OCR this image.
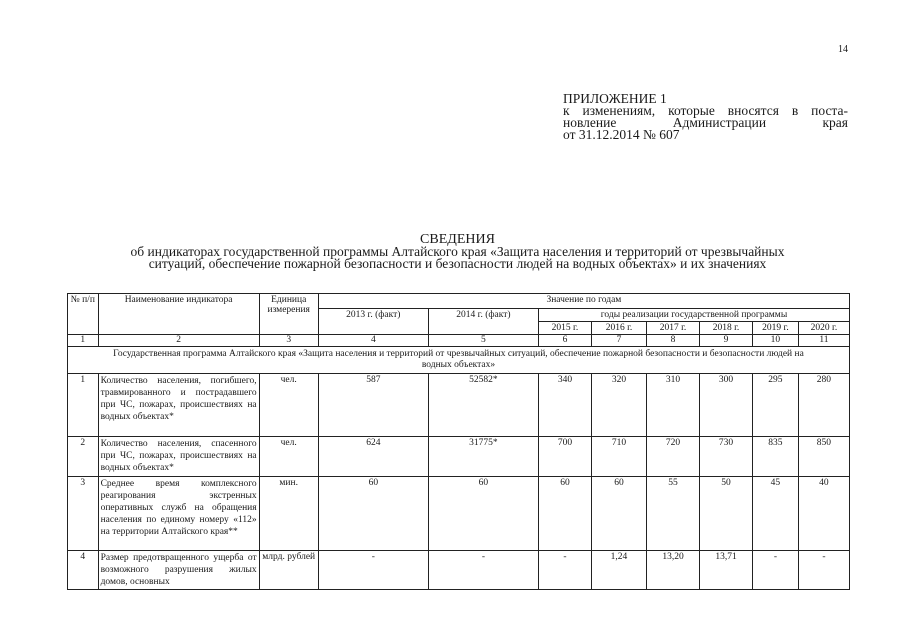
14
ПРИЛОЖЕНИЕ 1
к изменениям, которые вносятся в поста-
новление Администрации края
от 31.12.2014 № 607
СВЕДЕНИЯ
об индикаторах государственной программы Алтайского края «Защита населения и территорий от чрезвычайных
ситуаций, обеспечение пожарной безопасности и безопасности людей на водных объектах» и их значениях
№ п/п	Наименование индикатора	Единица измерения	Значение по годам							
			2013 г. (факт)	2014 г. (факт)	годы реализации государственной программы					
					2015 г.	2016 г.	2017 г.	2018 г.	2019 г.	2020 г.
1	2	3	4	5	6	7	8	9	10	11
Государственная программа Алтайского края «Защита населения и территорий от чрезвычайных ситуаций, обеспечение пожарной безопасности и безопасности людей на водных объектах»										
1	Количество населения, погибшего, травмированного и пострадавшего при ЧС, пожарах, происшествиях на водных объектах*	чел.	587	52582*	340	320	310	300	295	280
2	Количество населения, спасенного при ЧС, пожарах, происшествиях на водных объектах*	чел.	624	31775*	700	710	720	730	835	850
3	Среднее время комплексного реагирования экстренных оперативных служб на обращения населения по единому номеру «112» на территории Алтайского края**	мин.	60	60	60	60	55	50	45	40
4	Размер предотвращенного ущерба от возможного разрушения жилых домов, основных	млрд. рублей	-	-	-	1,24	13,20	13,71	-	-
